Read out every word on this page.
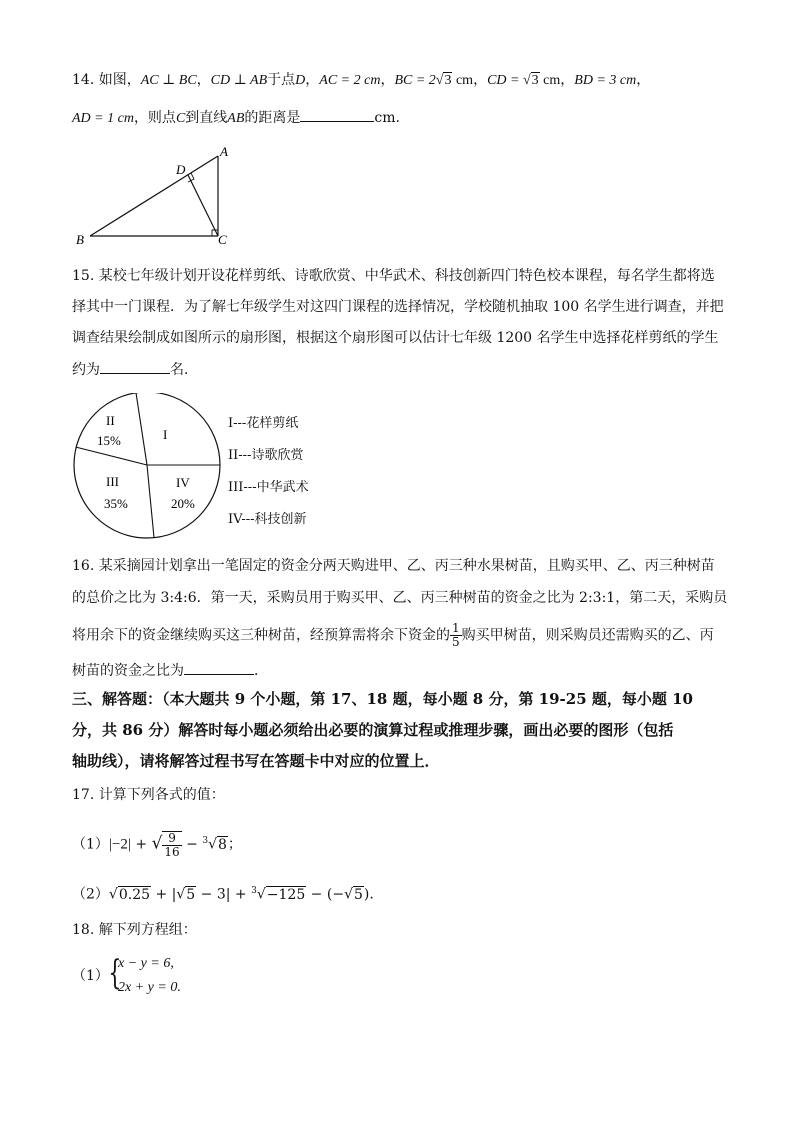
14. 如图，AC ⊥ BC，CD ⊥ AB于点D，AC = 2 cm，BC = 2√3 cm，CD = √3 cm，BD = 3 cm，
AD = 1 cm，则点C到直线AB的距离是	cm.
A
B	C
D
15. 某校七年级计划开设花样剪纸、诗歌欣赏、中华武术、科技创新四门特色校本课程，每名学生都将选
择其中一门课程．为了解七年级学生对这四门课程的选择情况，学校随机抽取 100 名学生进行调查，并把
调查结果绘制成如图所示的扇形图，根据这个扇形图可以估计七年级 1200 名学生中选择花样剪纸的学生
约为	名．
I
II
15%
III
35%
IV
20%
I---花样剪纸
II---诗歌欣赏
III---中华武术
IV---科技创新
16. 某采摘园计划拿出一笔固定的资金分两天购进甲、乙、丙三种水果树苗，且购买甲、乙、丙三种树苗
的总价之比为 3:4:6．第一天，采购员用于购买甲、乙、丙三种树苗的资金之比为 2:3:1，第二天，采购员
将用余下的资金继续购买这三种树苗，经预算需将余下资金的 $\frac{1}{5}$ 购买甲树苗，则采购员还需购买的乙、丙
树苗的资金之比为	．
三、解答题：（本大题共 9 个小题，第 17、18 题，每小题 8 分，第 19-25 题，每小题 10
分，共 86 分）解答时每小题必须给出必要的演算过程或推理步骤，画出必要的图形（包括
轴助线），请将解答过程书写在答题卡中对应的位置上．
17. 计算下列各式的值：
（1）|−2| + √ $\frac{9}{16} - ^3√8$；
（2）√0.25 + |√5 − 3| + $^3$√−125 − (−√5).
18. 解下列方程组：
（1） {
x − y = 6,
2x + y = 0.
